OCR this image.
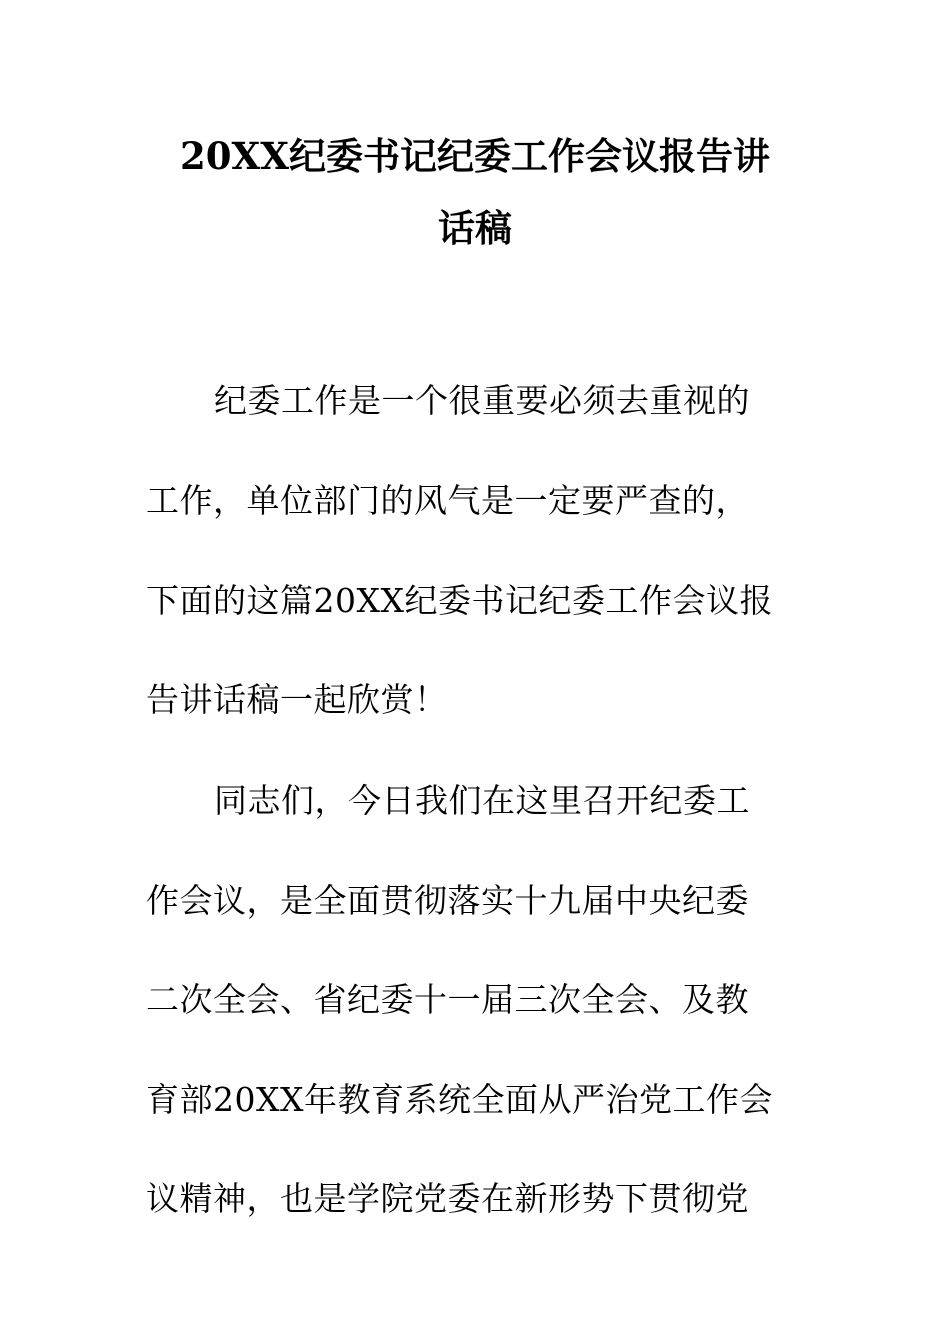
20XX纪委书记纪委工作会议报告讲
话稿
纪委工作是一个很重要必须去重视的
工作，单位部门的风气是一定要严查的，
下面的这篇20XX纪委书记纪委工作会议报
告讲话稿一起欣赏！
同志们，今日我们在这里召开纪委工
作会议，是全面贯彻落实十九届中央纪委
二次全会、省纪委十一届三次全会、及教
育部20XX年教育系统全面从严治党工作会
议精神，也是学院党委在新形势下贯彻党
